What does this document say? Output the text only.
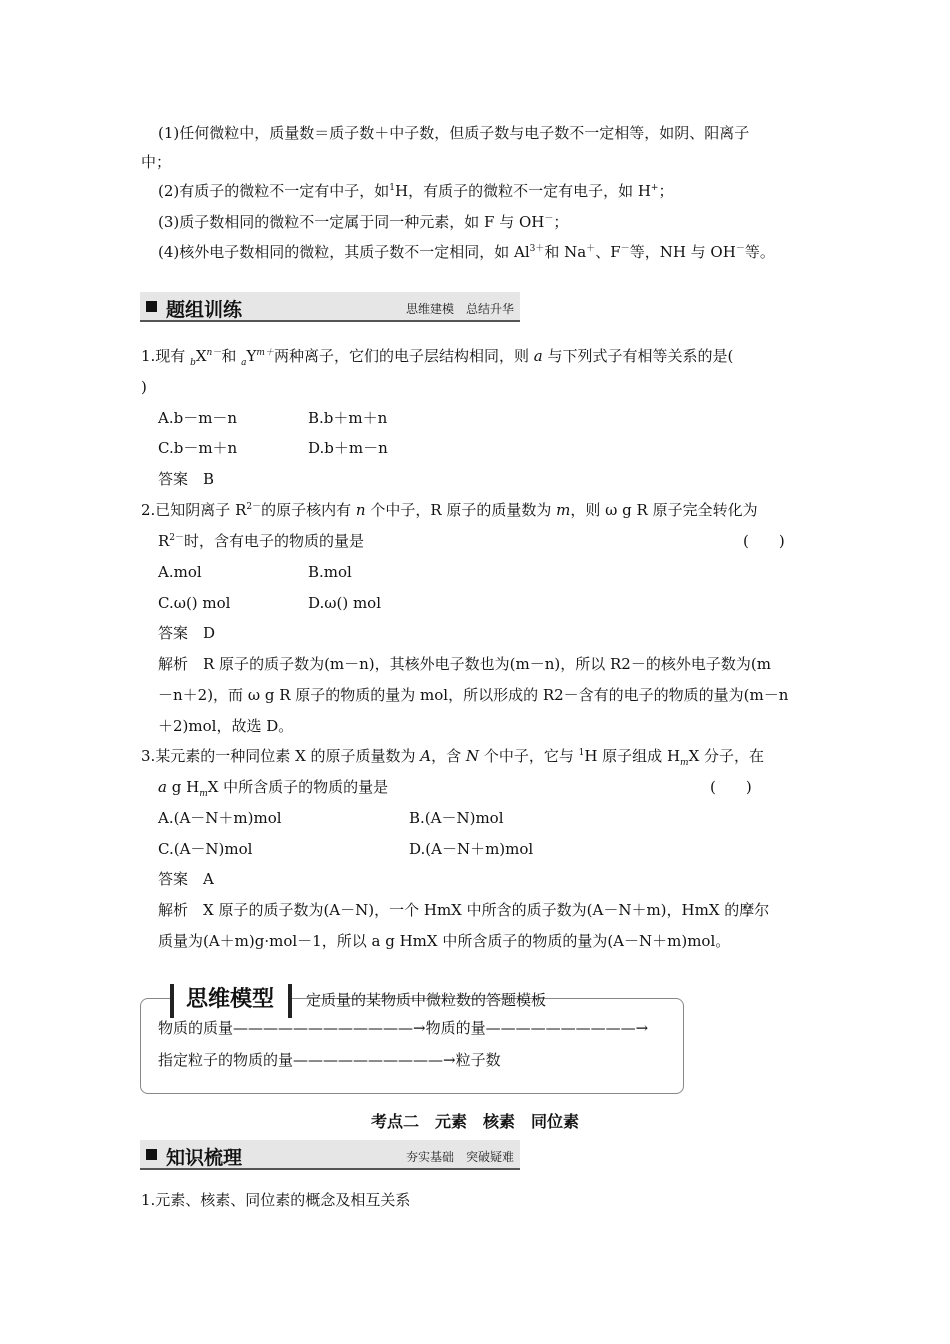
(1)任何微粒中，质量数＝质子数＋中子数，但质子数与电子数不一定相等，如阴、阳离子
中；
(2)有质子的微粒不一定有中子，如$^1$H，有质子的微粒不一定有电子，如 H+；
(3)质子数相同的微粒不一定属于同一种元素，如 F 与 OH－；
(4)核外电子数相同的微粒，其质子数不一定相同，如 $Al^{3+}$和 Na＋、F－等，NH 与 OH－等。
题组训练	思维建模　总结升华
1.现有 $_bX^{n-}$和 $_aY^{m+}$两种离子，它们的电子层结构相同，则 a 与下列式子有相等关系的是(
)
A.b－m－n	B.b＋m＋n
C.b－m＋n	D.b＋m－n
答案　B
2.已知阴离子 $R^{2-}$的原子核内有 n 个中子，R 原子的质量数为 m，则 ω g R 原子完全转化为
$R^{2-}$时，含有电子的物质的量是	(　　)
A.mol	B.mol
C.ω() mol	D.ω() mol
答案　D
解析　R 原子的质子数为(m－n)，其核外电子数也为(m－n)，所以 R2－的核外电子数为(m
－n＋2)，而 ω g R 原子的物质的量为 mol，所以形成的 R2－含有的电子的物质的量为(m－n
＋2)mol，故选 D。
3.某元素的一种同位素 X 的原子质量数为 A，含 N 个中子，它与 $^1$H 原子组成 $H_mX$ 分子，在
a g $H_mX$ 中所含质子的物质的量是	(　　)
A.(A－N＋m)mol	B.(A－N)mol
C.(A－N)mol	D.(A－N＋m)mol
答案　A
解析　X 原子的质子数为(A－N)，一个 HmX 中所含的质子数为(A－N＋m)，HmX 的摩尔
质量为(A＋m)g·mol－1，所以 a g HmX 中所含质子的物质的量为(A－N＋m)mol。
思维模型	定质量的某物质中微粒数的答题模板
物质的质量————————————→物质的量——————————→
指定粒子的物质的量——————————→粒子数
考点二　元素　核素　同位素
知识梳理	夯实基础　突破疑难
1.元素、核素、同位素的概念及相互关系
